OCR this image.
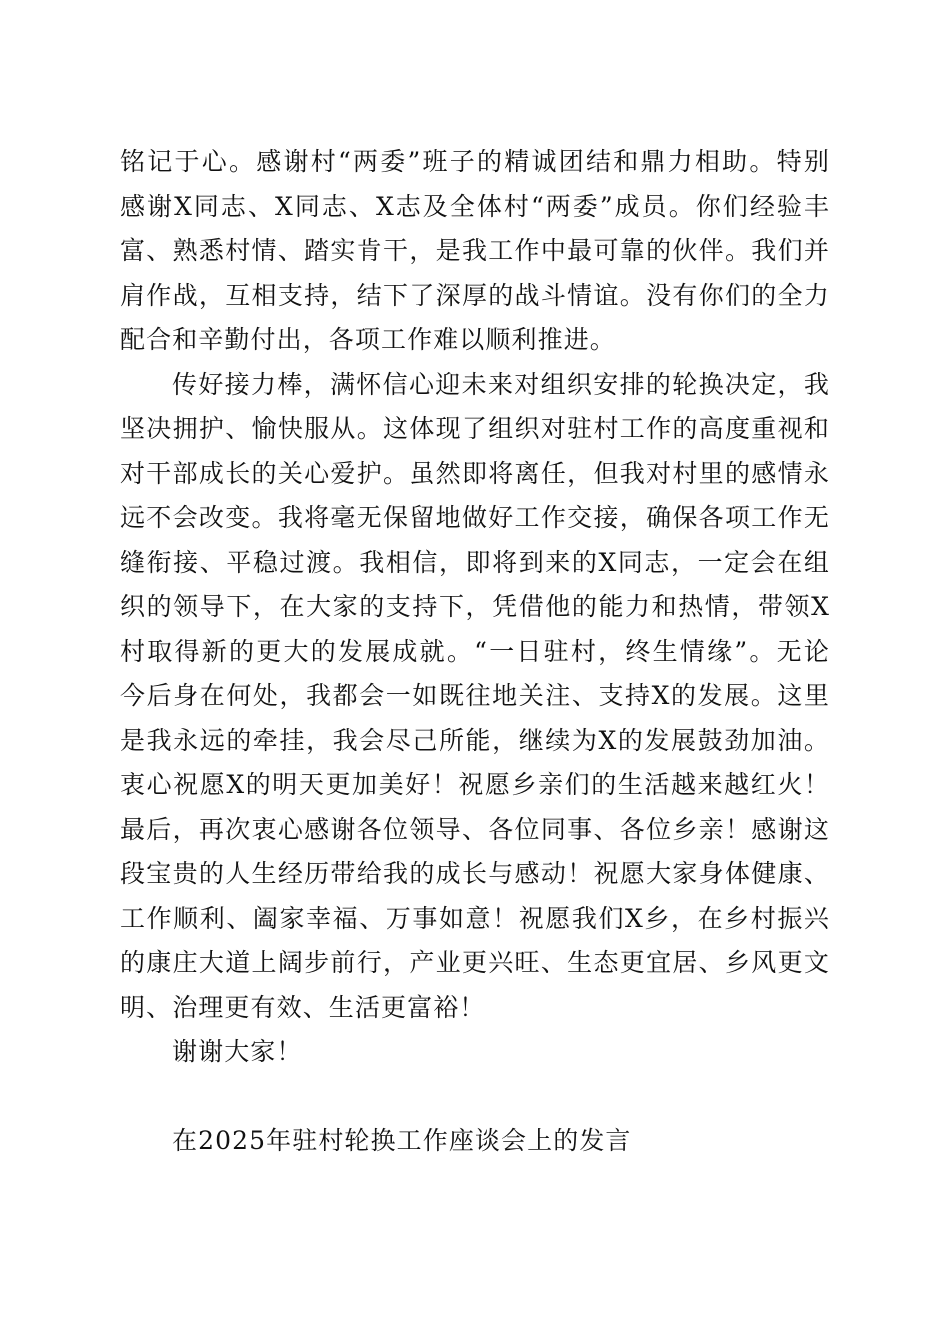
铭记于心。感谢村“两委”班子的精诚团结和鼎力相助。特别
感谢X同志、X同志、X志及全体村“两委”成员。你们经验丰
富、熟悉村情、踏实肯干，是我工作中最可靠的伙伴。我们并
肩作战，互相支持，结下了深厚的战斗情谊。没有你们的全力
配合和辛勤付出，各项工作难以顺利推进。
传好接力棒，满怀信心迎未来对组织安排的轮换决定，我
坚决拥护、愉快服从。这体现了组织对驻村工作的高度重视和
对干部成长的关心爱护。虽然即将离任，但我对村里的感情永
远不会改变。我将毫无保留地做好工作交接，确保各项工作无
缝衔接、平稳过渡。我相信，即将到来的X同志，一定会在组
织的领导下，在大家的支持下，凭借他的能力和热情，带领X
村取得新的更大的发展成就。“一日驻村，终生情缘”。无论
今后身在何处，我都会一如既往地关注、支持X的发展。这里
是我永远的牵挂，我会尽己所能，继续为X的发展鼓劲加油。
衷心祝愿X的明天更加美好！祝愿乡亲们的生活越来越红火！
最后，再次衷心感谢各位领导、各位同事、各位乡亲！感谢这
段宝贵的人生经历带给我的成长与感动！祝愿大家身体健康、
工作顺利、阖家幸福、万事如意！祝愿我们X乡，在乡村振兴
的康庄大道上阔步前行，产业更兴旺、生态更宜居、乡风更文
明、治理更有效、生活更富裕！
谢谢大家！
在2025年驻村轮换工作座谈会上的发言
